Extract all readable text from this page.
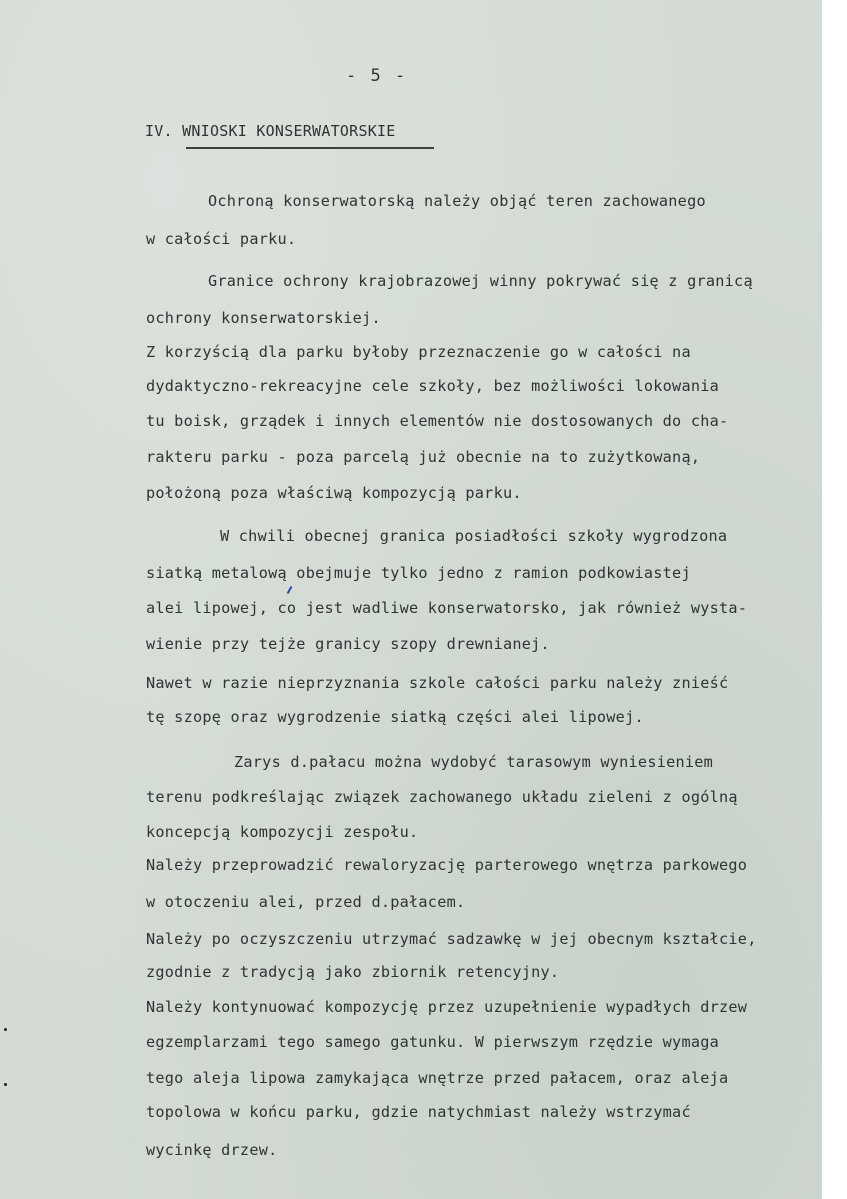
- 5 -
IV. WNIOSKI KONSERWATORSKIE
Ochroną konserwatorską należy objąć teren zachowanego
w całości parku.
Granice ochrony krajobrazowej winny pokrywać się z granicą
ochrony konserwatorskiej.
Z korzyścią dla parku byłoby przeznaczenie go w całości na
dydaktyczno-rekreacyjne cele szkoły, bez możliwości lokowania
tu boisk, grządek i innych elementów nie dostosowanych do cha-
rakteru parku - poza parcelą już obecnie na to zużytkowaną,
położoną poza właściwą kompozycją parku.
W chwili obecnej granica posiadłości szkoły wygrodzona
siatką metalową obejmuje tylko jedno z ramion podkowiastej
alei lipowej, co jest wadliwe konserwatorsko, jak również wysta-
wienie przy tejże granicy szopy drewnianej.
Nawet w razie nieprzyznania szkole całości parku należy znieść
tę szopę oraz wygrodzenie siatką części alei lipowej.
Zarys d.pałacu można wydobyć tarasowym wyniesieniem
terenu podkreślając związek zachowanego układu zieleni z ogólną
koncepcją kompozycji zespołu.
Należy przeprowadzić rewaloryzację parterowego wnętrza parkowego
w otoczeniu alei, przed d.pałacem.
Należy po oczyszczeniu utrzymać sadzawkę w jej obecnym kształcie,
zgodnie z tradycją jako zbiornik retencyjny.
Należy kontynuować kompozycję przez uzupełnienie wypadłych drzew
egzemplarzami tego samego gatunku. W pierwszym rzędzie wymaga
tego aleja lipowa zamykająca wnętrze przed pałacem, oraz aleja
topolowa w końcu parku, gdzie natychmiast należy wstrzymać
wycinkę drzew.
